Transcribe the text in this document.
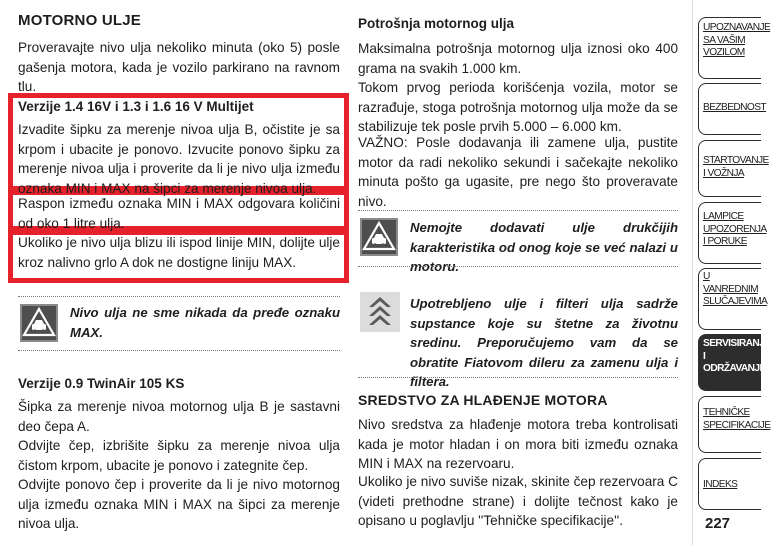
MOTORNO ULJE
Proveravajte nivo ulja nekoliko minuta (oko 5) posle gašenja motora, kada je vozilo parkirano na ravnom tlu.
Verzije 1.4 16V i 1.3 i 1.6 16 V Multijet
Izvadite šipku za merenje nivoa ulja B, očistite je sa krpom i ubacite je ponovo. Izvucite ponovo šipku za merenje nivoa ulja i proverite da li je nivo ulja između oznaka MIN i MAX na šipci za merenje nivoa ulja.
Raspon između oznaka MIN i MAX odgovara količini od oko 1 litre ulja.
Ukoliko je nivo ulja blizu ili ispod linije MIN, dolijte ulje kroz nalivno grlo A dok ne dostigne liniju MAX.
Nivo ulja ne sme nikada da pređe oznaku MAX.
Verzije 0.9 TwinAir 105 KS
Šipka za merenje nivoa motornog ulja B je sastavni deo čepa A.
Odvijte čep, izbrišite šipku za merenje nivoa ulja čistom krpom, ubacite je ponovo i zategnite čep.
Odvijte ponovo čep i proverite da li je nivo motornog ulja između oznaka MIN i MAX na šipci za merenje nivoa ulja.
Potrošnja motornog ulja
Maksimalna potrošnja motornog ulja iznosi oko 400 grama na svakih 1.000 km.
Tokom prvog perioda korišćenja vozila, motor se razrađuje, stoga potrošnja motornog ulja može da se stabilizuje tek posle prvih 5.000 – 6.000 km.
VAŽNO: Posle dodavanja ili zamene ulja, pustite motor da radi nekoliko sekundi i sačekajte nekoliko minuta pošto ga ugasite, pre nego što proveravate nivo.
Nemojte dodavati ulje drukčijih karakteristika od onog koje se već nalazi u motoru.
Upotrebljeno ulje i filteri ulja sadrže supstance koje su štetne za životnu sredinu. Preporučujemo vam da se obratite Fiatovom dileru za zamenu ulja i filtera.
SREDSTVO ZA HLAĐENJE MOTORA
Nivo sredstva za hlađenje motora treba kontrolisati kada je motor hladan i on mora biti između oznaka MIN i MAX na rezervoaru.
Ukoliko je nivo suviše nizak, skinite čep rezervoara C (videti prethodne strane) i dolijte tečnost kako je opisano u poglavlju ''Tehničke specifikacije''.
UPOZNAVANJE
SA VAŠIM
VOZILOM
BEZBEDNOST
STARTOVANJE
I VOŽNJA
LAMPICE
UPOZORENJA
I PORUKE
U
VANREDNIM
SLUČAJEVIMA
SERVISIRANJE
I
ODRŽAVANJE
TEHNIČKE
SPECIFIKACIJE
INDEKS
227
